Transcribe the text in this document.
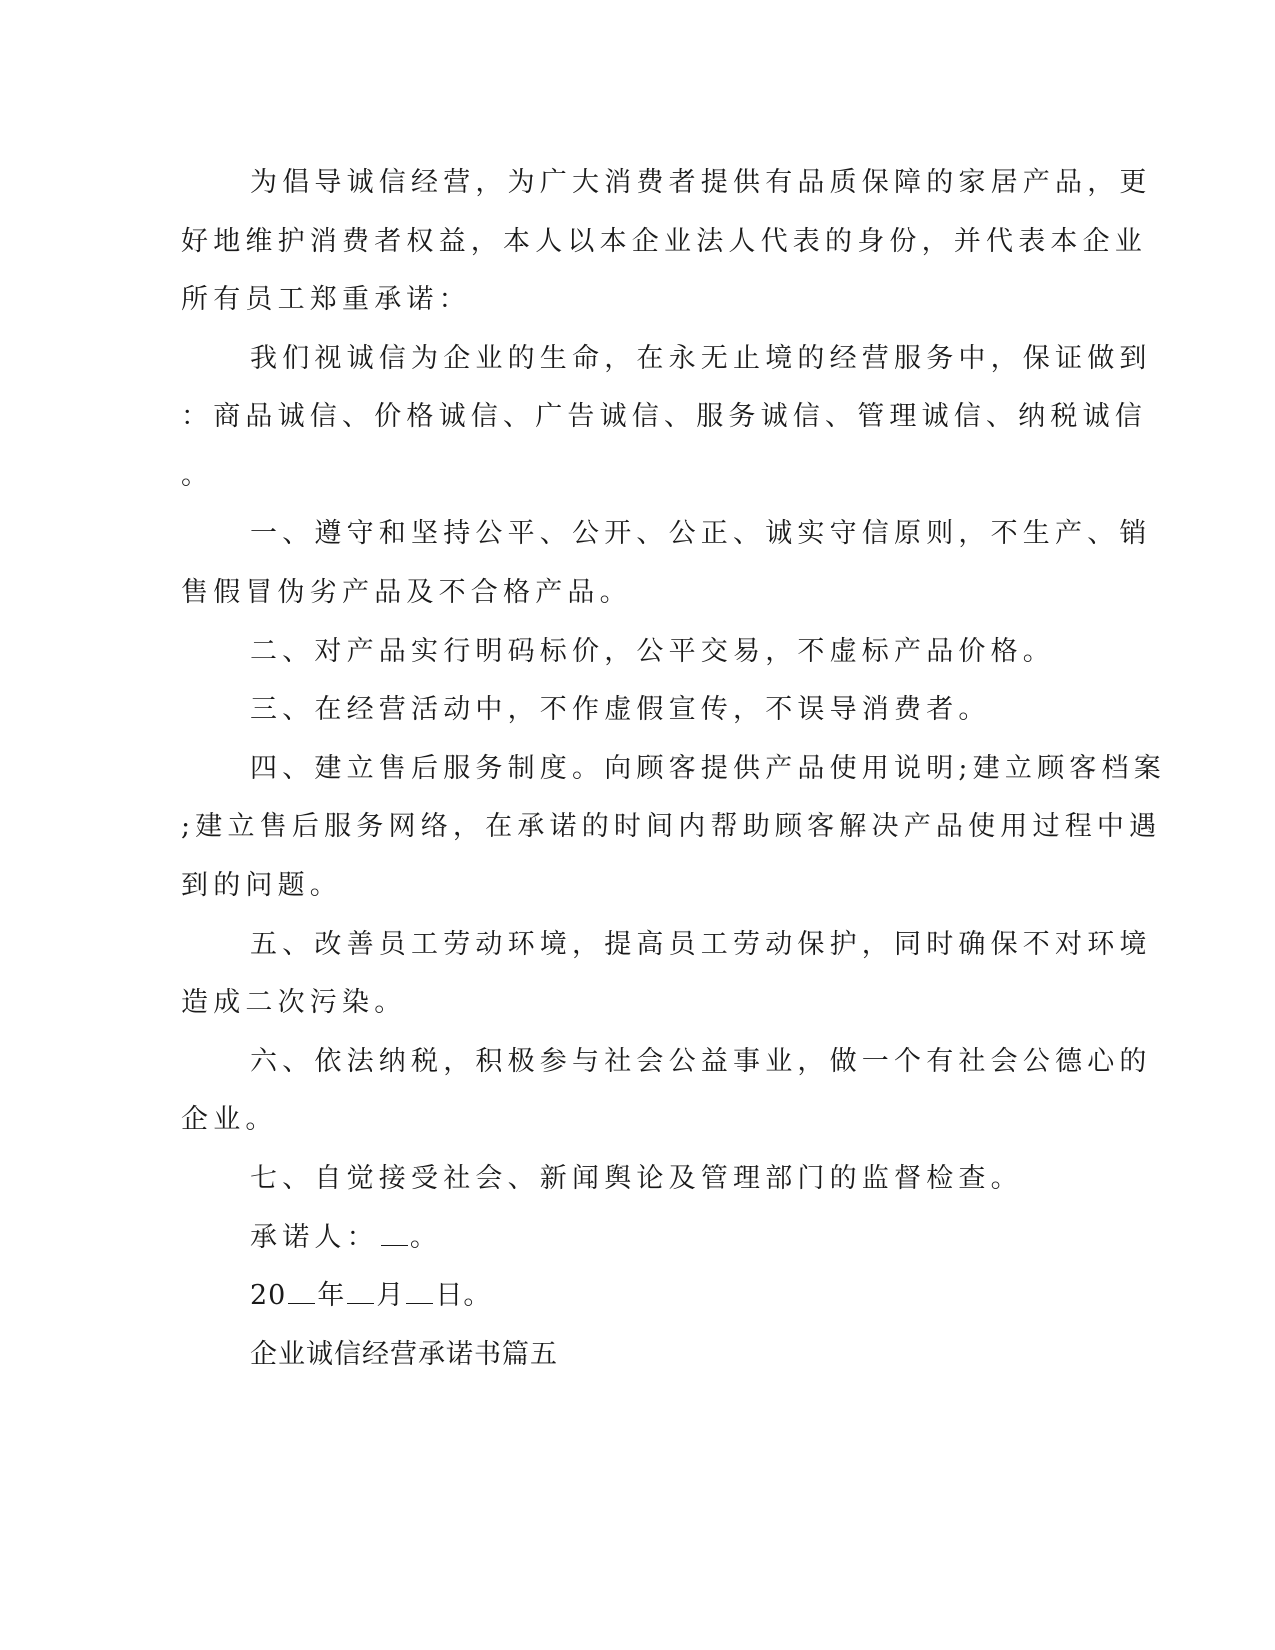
为倡导诚信经营，为广大消费者提供有品质保障的家居产品，更
好地维护消费者权益，本人以本企业法人代表的身份，并代表本企业
所有员工郑重承诺：
我们视诚信为企业的生命，在永无止境的经营服务中，保证做到
：商品诚信、价格诚信、广告诚信、服务诚信、管理诚信、纳税诚信
。
一、遵守和坚持公平、公开、公正、诚实守信原则，不生产、销
售假冒伪劣产品及不合格产品。
二、对产品实行明码标价，公平交易，不虚标产品价格。
三、在经营活动中，不作虚假宣传，不误导消费者。
四、建立售后服务制度。向顾客提供产品使用说明;建立顾客档案
;建立售后服务网络，在承诺的时间内帮助顾客解决产品使用过程中遇
到的问题。
五、改善员工劳动环境，提高员工劳动保护，同时确保不对环境
造成二次污染。
六、依法纳税，积极参与社会公益事业，做一个有社会公德心的
企业。
七、自觉接受社会、新闻舆论及管理部门的监督检查。
承诺人： 。
20 年 月 日。
企业诚信经营承诺书篇五
